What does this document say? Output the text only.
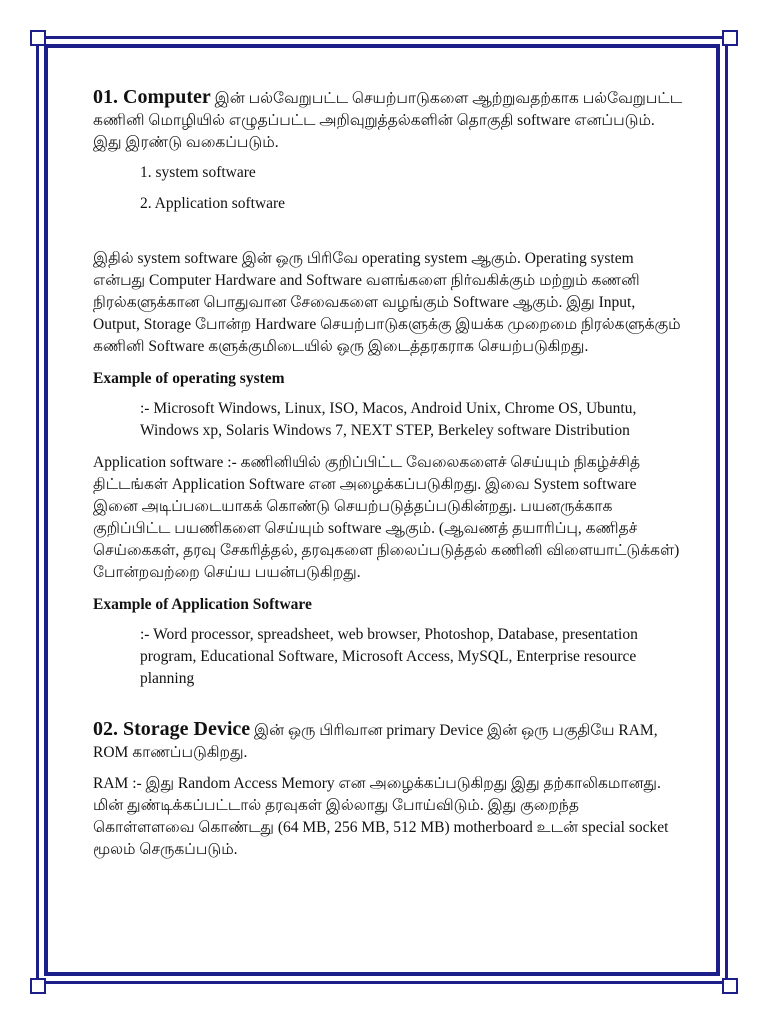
01. Computer இன் பல்வேறுபட்ட செயற்பாடுகளை ஆற்றுவதற்காக பல்வேறுபட்ட கணினி மொழியில் எழுதப்பட்ட அறிவுறுத்தல்களின் தொகுதி software எனப்படும். இது இரண்டு வகைப்படும்.

1. system software
2. Application software

இதில் system software இன் ஒரு பிரிவே operating system ஆகும். Operating system என்பது Computer Hardware and Software வளங்களை நிர்வகிக்கும் மற்றும் கணனி நிரல்களுக்கான பொதுவான சேவைகளை வழங்கும் Software ஆகும். இது Input, Output, Storage போன்ற Hardware செயற்பாடுகளுக்கு இயக்க முறைமை நிரல்களுக்கும் கணினி Software களுக்குமிடையில் ஒரு இடைத்தரகராக செயற்படுகிறது.

Example of operating system

:- Microsoft Windows, Linux, ISO, Macos, Android Unix, Chrome OS, Ubuntu, Windows xp, Solaris Windows 7, NEXT STEP, Berkeley software Distribution

Application software :- கணினியில் குறிப்பிட்ட வேலைகளைச் செய்யும் நிகழ்ச்சித் திட்டங்கள் Application Software என அழைக்கப்படுகிறது. இவை System software இனை அடிப்படையாகக் கொண்டு செயற்படுத்தப்படுகின்றது. பயனருக்காக குறிப்பிட்ட பயணிகளை செய்யும் software ஆகும். (ஆவணத் தயாரிப்பு, கணிதச் செய்கைகள், தரவு சேகரித்தல், தரவுகளை நிலைப்படுத்தல் கணினி விளையாட்டுக்கள்) போன்றவற்றை செய்ய பயன்படுகிறது.

Example of Application Software

:- Word processor, spreadsheet, web browser, Photoshop, Database, presentation program, Educational Software, Microsoft Access, MySQL, Enterprise resource planning

02. Storage Device இன் ஒரு பிரிவான primary Device இன் ஒரு பகுதியே RAM, ROM காணப்படுகிறது.

RAM :- இது Random Access Memory என அழைக்கப்படுகிறது இது தற்காலிகமானது. மின் துண்டிக்கப்பட்டால் தரவுகள் இல்லாது போய்விடும். இது குறைந்த கொள்ளளவை கொண்டது (64 MB, 256 MB, 512 MB) motherboard உடன் special socket மூலம் செருகப்படும்.
